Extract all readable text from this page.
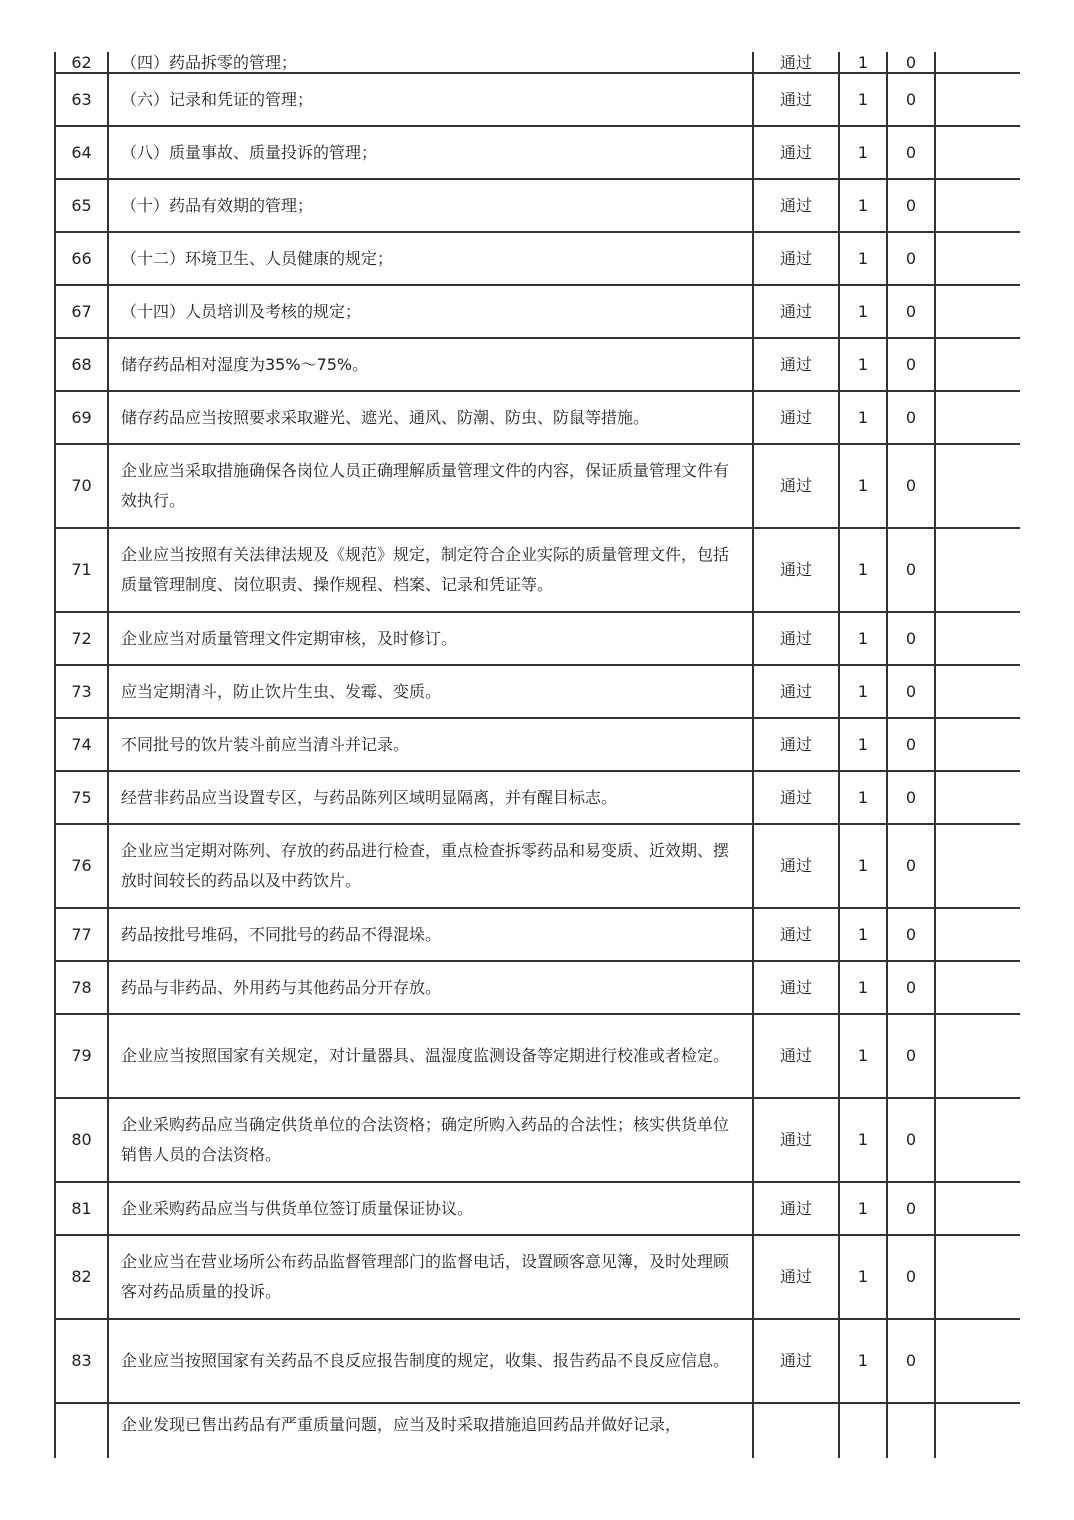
62	（四）药品拆零的管理；	通过	1	0	

63	（六）记录和凭证的管理；	通过	1	0	
64	（八）质量事故、质量投诉的管理；	通过	1	0	
65	（十）药品有效期的管理；	通过	1	0	
66	（十二）环境卫生、人员健康的规定；	通过	1	0	
67	（十四）人员培训及考核的规定；	通过	1	0	
68	储存药品相对湿度为35%～75%。	通过	1	0	
69	储存药品应当按照要求采取避光、遮光、通风、防潮、防虫、防鼠等措施。	通过	1	0	
70	企业应当采取措施确保各岗位人员正确理解质量管理文件的内容，保证质量管理文件有效执行。	通过	1	0	
71	企业应当按照有关法律法规及《规范》规定，制定符合企业实际的质量管理文件，包括质量管理制度、岗位职责、操作规程、档案、记录和凭证等。	通过	1	0	
72	企业应当对质量管理文件定期审核，及时修订。	通过	1	0	
73	应当定期清斗，防止饮片生虫、发霉、变质。	通过	1	0	
74	不同批号的饮片装斗前应当清斗并记录。	通过	1	0	
75	经营非药品应当设置专区，与药品陈列区域明显隔离，并有醒目标志。	通过	1	0	
76	企业应当定期对陈列、存放的药品进行检查，重点检查拆零药品和易变质、近效期、摆放时间较长的药品以及中药饮片。	通过	1	0	
77	药品按批号堆码，不同批号的药品不得混垛。	通过	1	0	
78	药品与非药品、外用药与其他药品分开存放。	通过	1	0	
79	企业应当按照国家有关规定，对计量器具、温湿度监测设备等定期进行校准或者检定。	通过	1	0	
80	企业采购药品应当确定供货单位的合法资格；确定所购入药品的合法性；核实供货单位销售人员的合法资格。	通过	1	0	
81	企业采购药品应当与供货单位签订质量保证协议。	通过	1	0	
82	企业应当在营业场所公布药品监督管理部门的监督电话，设置顾客意见簿，及时处理顾客对药品质量的投诉。	通过	1	0	
83	企业应当按照国家有关药品不良反应报告制度的规定，收集、报告药品不良反应信息。	通过	1	0	
	企业发现已售出药品有严重质量问题，应当及时采取措施追回药品并做好记录，				
